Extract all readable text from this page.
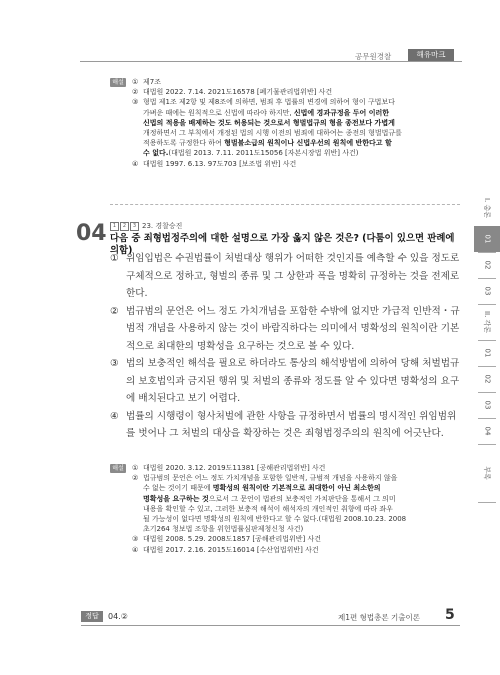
공무원경찰	해유마크
해설	① 제7조
② 대법원 2022. 7.14. 2021도16578 [폐기물관리법위반] 사건
③ 형법 제1조 제2항 및 제8조에 의하면, 범죄 후 법률의 변경에 의하여 형이 구법보다
가벼운 때에는 원칙적으로 신법에 따라야 하지만, 신법에 경과규정을 두어 이러한
신법의 적용을 배제하는 것도 허용되는 것으로서 형벌법규의 형을 종전보다 가볍게
개정하면서 그 부칙에서 개정된 법의 시행 이전의 범죄에 대하여는 종전의 형벌법규를
적용하도록 규정한다 하여 형벌불소급의 원칙이나 신법우선의 원칙에 반한다고 할
수 없다.(대법원 2013. 7.11. 2011도15056 [자본시장법 위반] 사건)
④ 대법원 1997. 6.13. 97도703 [보조법 위반] 사건
04	1	2	3 23. 경찰승진
다음 중 죄형법정주의에 대한 설명으로 가장 옳지 않은 것은? (다툼이 있으면 판례에 의함)
① 위임입법은 수권법률이 처벌대상 행위가 어떠한 것인지를 예측할 수 있을 정도로 구체적으로 정하고, 형벌의 종류 및 그 상한과 폭을 명확히 규정하는 것을 전제로 한다.
② 법규범의 문언은 어느 정도 가치개념을 포함한 수밖에 없지만 가급적 인반적・규범적 개념을 사용하지 않는 것이 바람직하다는 의미에서 명확성의 원칙이란 기본적으로 최대한의 명확성을 요구하는 것으로 볼 수 있다.
③ 법의 보충적인 해석을 필요로 하더라도 통상의 해석방법에 의하여 당해 처벌법규의 보호법익과 금지된 행위 및 처벌의 종류와 정도를 알 수 있다면 명확성의 요구에 배치된다고 보기 어렵다.
④ 법률의 시행령이 형사처벌에 관한 사항을 규정하면서 법률의 명시적인 위임범위를 벗어나 그 처벌의 대상을 확장하는 것은 죄형법정주의의 원칙에 어긋난다.
해설	① 대법원 2020. 3.12. 2019도11381 [공해관리법위반] 사건
② 법규범의 문언은 어느 정도 가치개념을 포함한 일반적, 규범적 개념을 사용하지 않을
수 없는 것이기 때문에 명확성의 원칙이란 기본적으로 최대한이 아닌 최소한의
명확성을 요구하는 것으로서 그 문언이 법관의 보충적인 가치판단을 통해서 그 의미
내용을 확인할 수 있고, 그러한 보충적 해석이 해석자의 개인적인 취향에 따라 좌우
될 가능성이 없다면 명확성의 원칙에 반한다고 할 수 없다.(대법원 2008.10.23. 2008
초기264 청보법 조항을 위헌법률심판제청신청 사건)
③ 대법원 2008. 5.29. 2008도1857 [공해관리법위반] 사건
④ 대법원 2017. 2.16. 2015도16014 [수산업법위반] 사건
I. 총론
01
02
03
II. 각론
01
02
03
04
부록
정답	04.②	제1편 형법총론 기출이론 5
